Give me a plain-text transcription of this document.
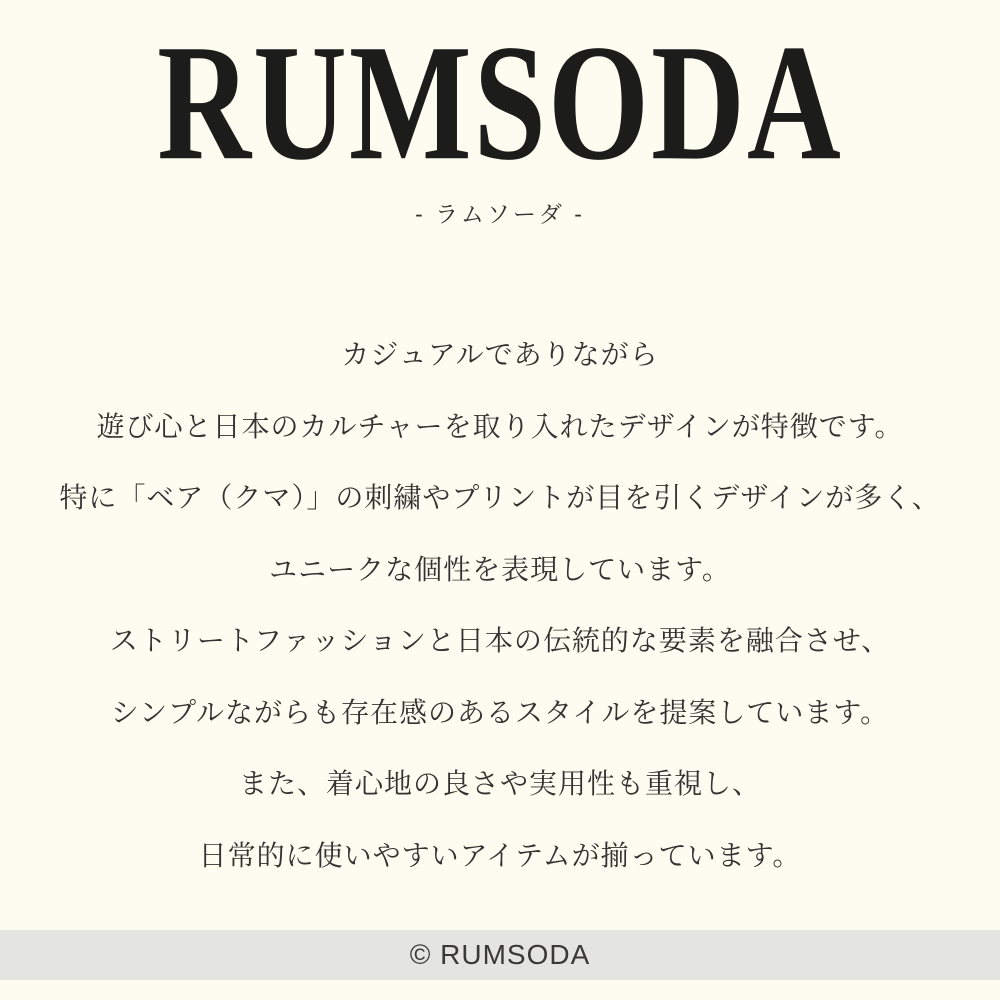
RUMSODA
- ラムソーダ -
カジュアルでありながら
遊び心と日本のカルチャーを取り入れたデザインが特徴です。
特に「ベア（クマ）」の刺繍やプリントが目を引くデザインが多く、
ユニークな個性を表現しています。
ストリートファッションと日本の伝統的な要素を融合させ、
シンプルながらも存在感のあるスタイルを提案しています。
また、着心地の良さや実用性も重視し、
日常的に使いやすいアイテムが揃っています。
© RUMSODA
